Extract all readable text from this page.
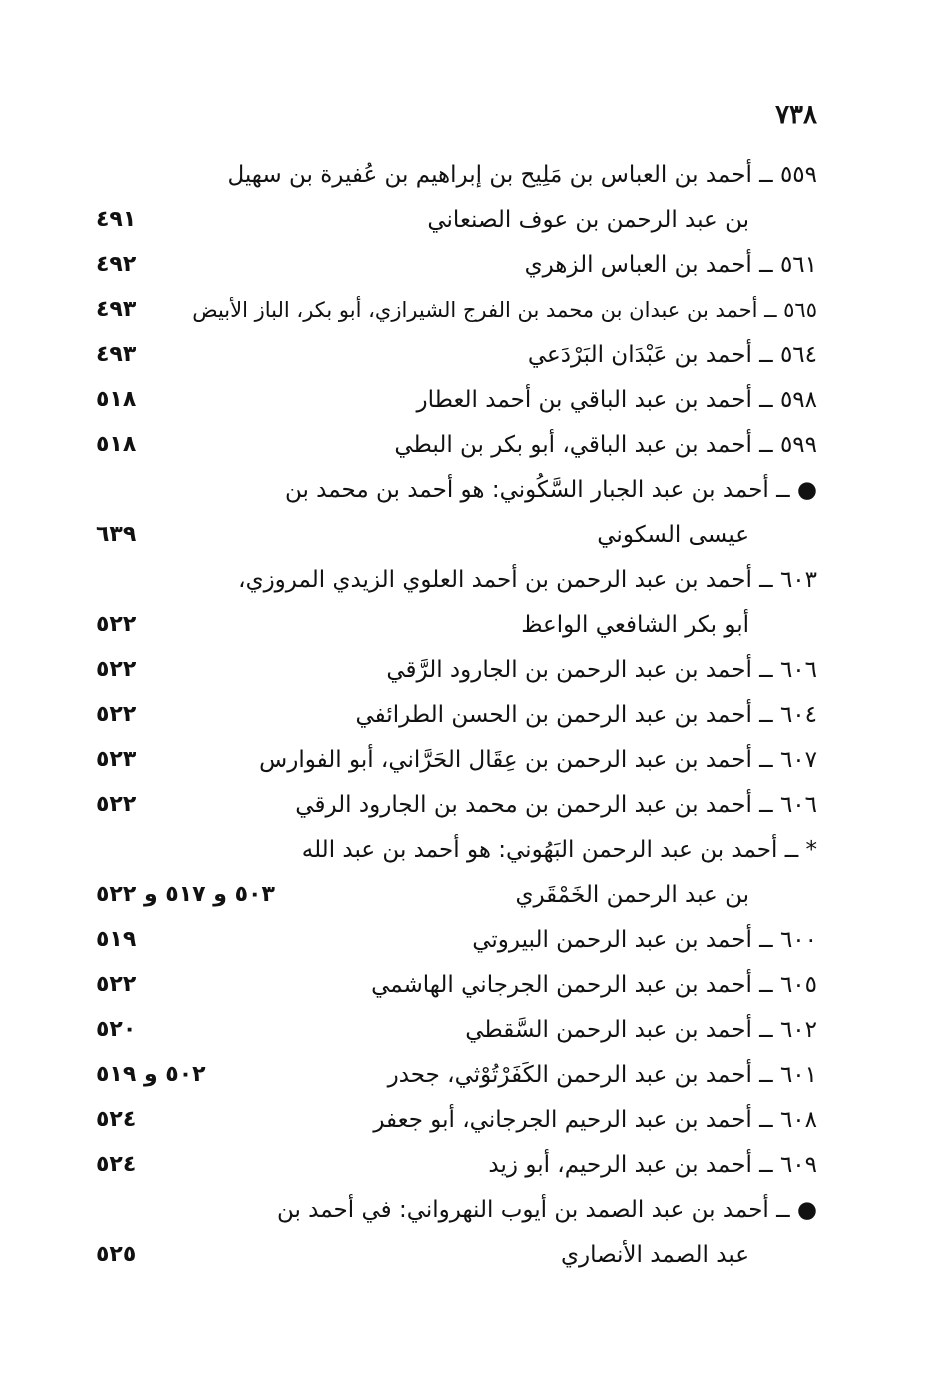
٧٣٨
٥٥٩ ــ أحمد بن العباس بن مَلِيح بن إبراهيم بن عُفيرة بن سهيل
بن عبد الرحمن بن عوف الصنعاني
٤٩١
٥٦١ ــ أحمد بن العباس الزهري
٤٩٢
٥٦٥ ــ أحمد بن عبدان بن محمد بن الفرج الشيرازي، أبو بكر، الباز الأبيض
٤٩٣
٥٦٤ ــ أحمد بن عَبْدَان البَرْدَعي
٤٩٣
٥٩٨ ــ أحمد بن عبد الباقي بن أحمد العطار
٥١٨
٥٩٩ ــ أحمد بن عبد الباقي، أبو بكر بن البطي
٥١٨
● ــ أحمد بن عبد الجبار السَّكُوني: هو أحمد بن محمد بن
عيسى السكوني
٦٣٩
٦٠٣ ــ أحمد بن عبد الرحمن بن أحمد العلوي الزيدي المروزي،
أبو بكر الشافعي الواعظ
٥٢٢
٦٠٦ ــ أحمد بن عبد الرحمن بن الجارود الرَّقي
٥٢٢
٦٠٤ ــ أحمد بن عبد الرحمن بن الحسن الطرائفي
٥٢٢
٦٠٧ ــ أحمد بن عبد الرحمن بن عِقَال الحَرَّاني، أبو الفوارس
٥٢٣
٦٠٦ ــ أحمد بن عبد الرحمن بن محمد بن الجارود الرقي
٥٢٢
* ــ أحمد بن عبد الرحمن البَهُوني: هو أحمد بن عبد الله
بن عبد الرحمن الخَمْقَري
٥٠٣ و ٥١٧ و ٥٢٢
٦٠٠ ــ أحمد بن عبد الرحمن البيروتي
٥١٩
٦٠٥ ــ أحمد بن عبد الرحمن الجرجاني الهاشمي
٥٢٢
٦٠٢ ــ أحمد بن عبد الرحمن السَّقطي
٥٢٠
٦٠١ ــ أحمد بن عبد الرحمن الكَفَرْتُوْثي، جحدر
٥٠٢ و ٥١٩
٦٠٨ ــ أحمد بن عبد الرحيم الجرجاني، أبو جعفر
٥٢٤
٦٠٩ ــ أحمد بن عبد الرحيم، أبو زيد
٥٢٤
● ــ أحمد بن عبد الصمد بن أيوب النهرواني: في أحمد بن
عبد الصمد الأنصاري
٥٢٥
